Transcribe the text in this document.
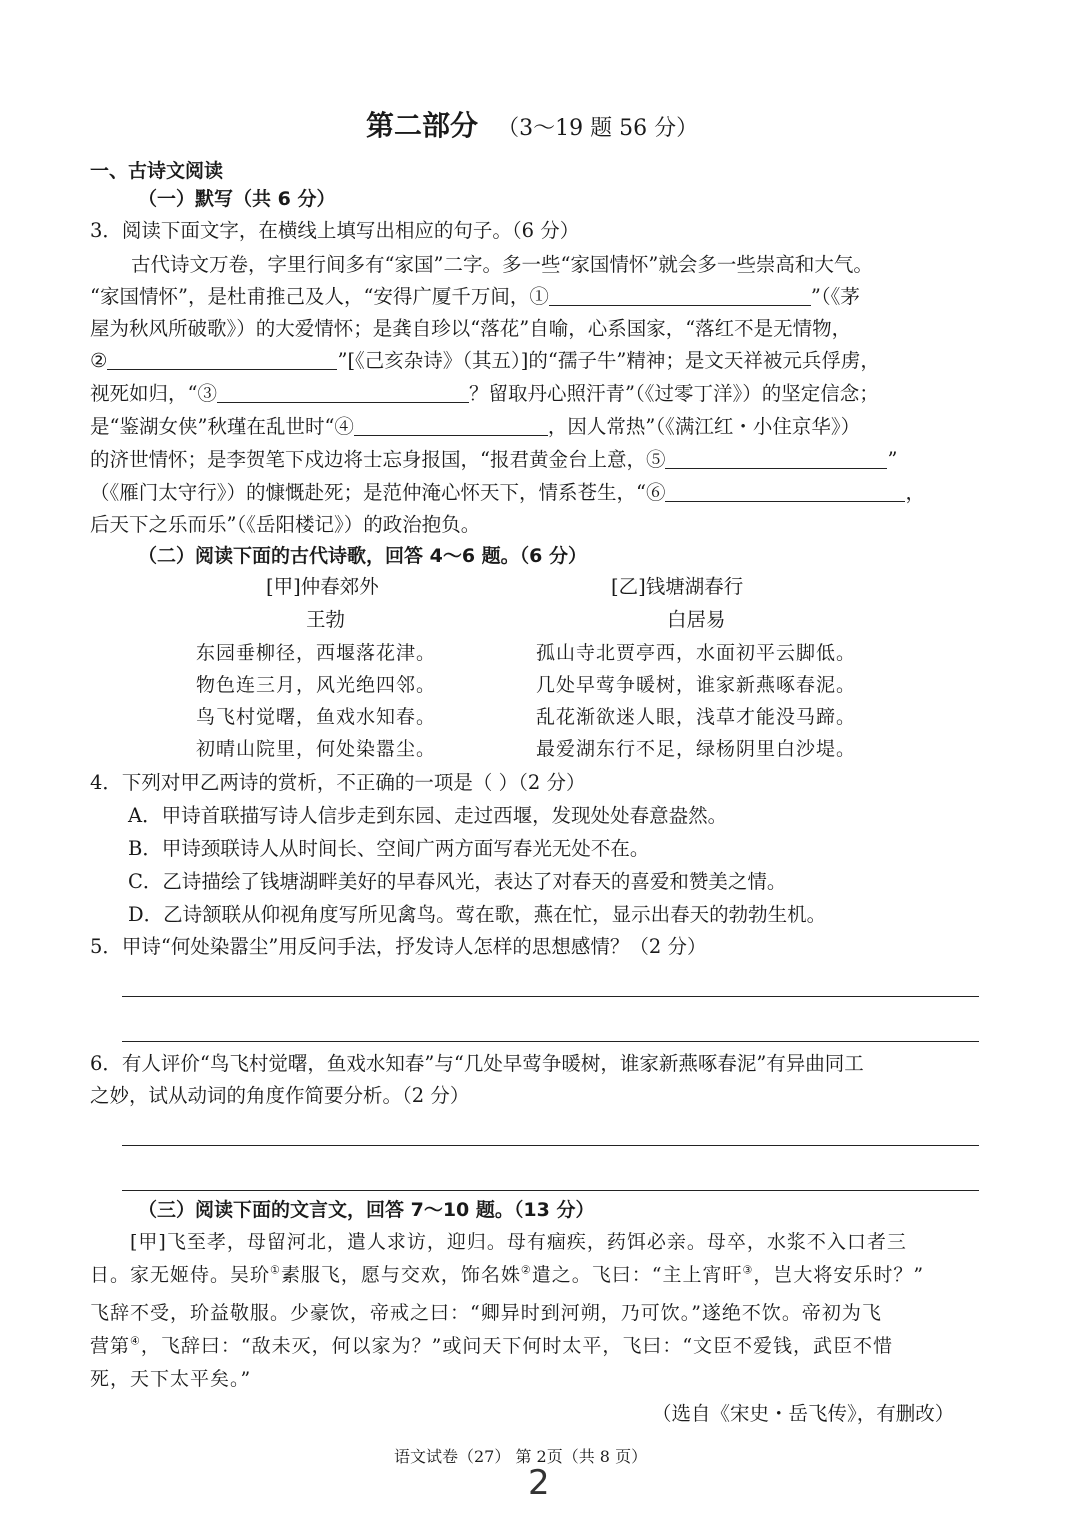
第二部分 （3～19 题 56 分）
一、古诗文阅读
（一）默写（共 6 分）
3．阅读下面文字，在横线上填写出相应的句子。（6 分）
古代诗文万卷，字里行间多有“家国”二字。多一些“家国情怀”就会多一些崇高和大气。
“家国情怀”，是杜甫推己及人，“安得广厦千万间，①	”（《茅
屋为秋风所破歌》）的大爱情怀；是龚自珍以“落花”自喻，心系国家，“落红不是无情物，
②	”[《己亥杂诗》（其五）]的“孺子牛”精神；是文天祥被元兵俘虏，
视死如归，“③	？留取丹心照汗青”（《过零丁洋》）的坚定信念；
是“鉴湖女侠”秋瑾在乱世时“④	，因人常热”（《满江红・小住京华》）
的济世情怀；是李贺笔下戍边将士忘身报国，“报君黄金台上意，⑤	”
（《雁门太守行》）的慷慨赴死；是范仲淹心怀天下，情系苍生，“⑥	，
后天下之乐而乐”（《岳阳楼记》）的政治抱负。
（二）阅读下面的古代诗歌，回答 4～6 题。（6 分）
[甲]仲春郊外
王勃
东园垂柳径，西堰落花津。
物色连三月，风光绝四邻。
鸟飞村觉曙，鱼戏水知春。
初晴山院里，何处染嚣尘。
[乙]钱塘湖春行
白居易
孤山寺北贾亭西，水面初平云脚低。
几处早莺争暖树，谁家新燕啄春泥。
乱花渐欲迷人眼，浅草才能没马蹄。
最爱湖东行不足，绿杨阴里白沙堤。
4．下列对甲乙两诗的赏析，不正确的一项是（ ）（2 分）
A．甲诗首联描写诗人信步走到东园、走过西堰，发现处处春意盎然。
B．甲诗颈联诗人从时间长、空间广两方面写春光无处不在。
C．乙诗描绘了钱塘湖畔美好的早春风光，表达了对春天的喜爱和赞美之情。
D．乙诗颔联从仰视角度写所见禽鸟。莺在歌，燕在忙，显示出春天的勃勃生机。
5．甲诗“何处染嚣尘”用反问手法，抒发诗人怎样的思想感情？（2 分）
6．有人评价“鸟飞村觉曙，鱼戏水知春”与“几处早莺争暖树，谁家新燕啄春泥”有异曲同工
之妙，试从动词的角度作简要分析。（2 分）
（三）阅读下面的文言文，回答 7～10 题。（13 分）
[甲]飞至孝，母留河北，遣人求访，迎归。母有痼疾，药饵必亲。母卒，水浆不入口者三
日。家无姬侍。吴玠①素服飞，愿与交欢，饰名姝②遣之。飞曰：“主上宵旰③，岂大将安乐时？”
飞辞不受，玠益敬服。少豪饮，帝戒之曰：“卿异时到河朔，乃可饮。”遂绝不饮。帝初为飞
营第④，飞辞曰：“敌未灭，何以家为？”或问天下何时太平，飞曰：“文臣不爱钱，武臣不惜
死，天下太平矣。”
（选自《宋史・岳飞传》，有删改）
语文试卷（27） 第 2页（共 8 页）
2
